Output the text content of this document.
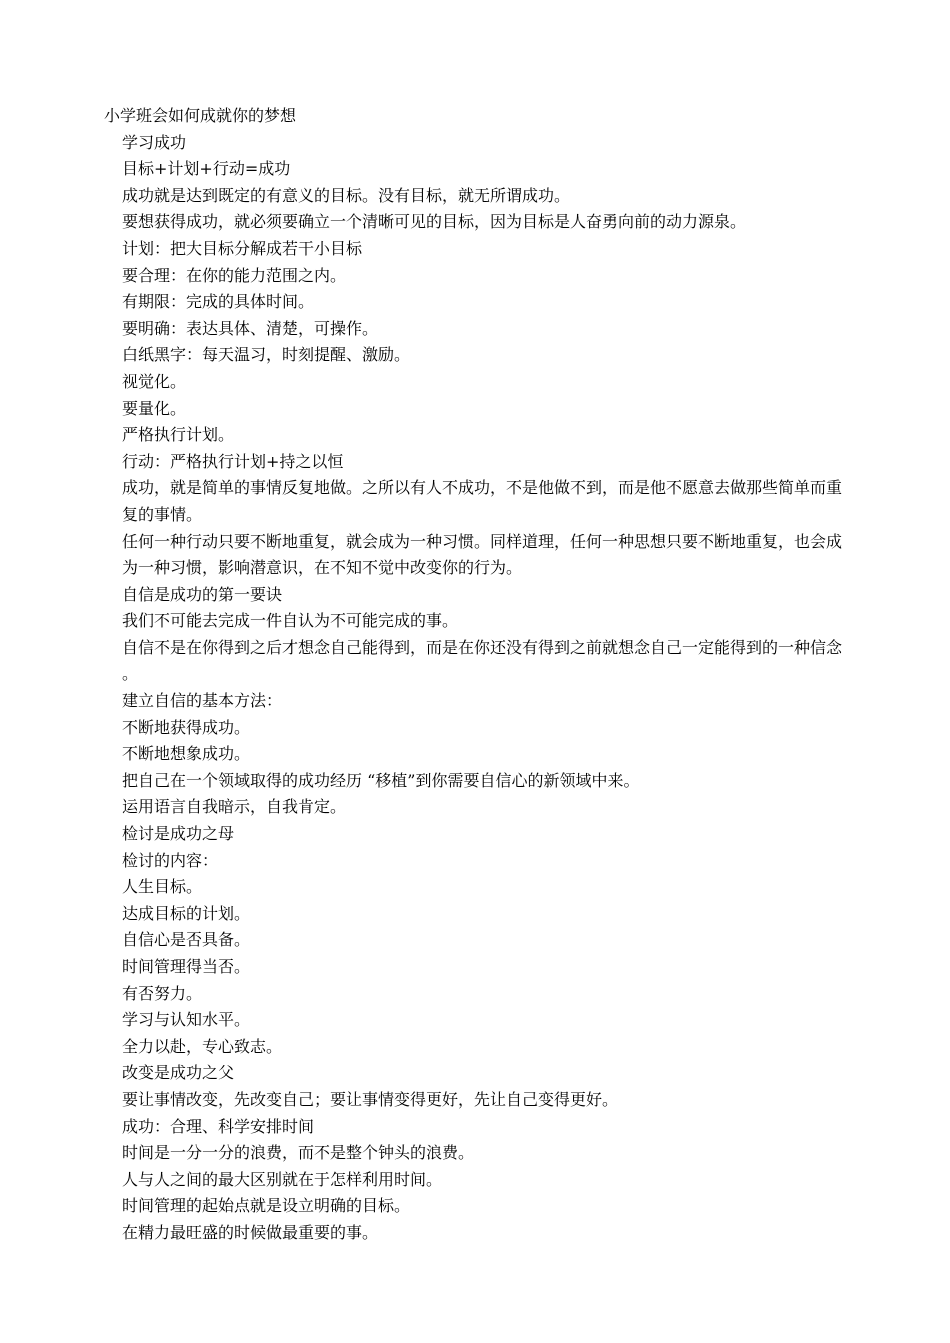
小学班会如何成就你的梦想

学习成功

目标+计划+行动=成功

成功就是达到既定的有意义的目标。没有目标，就无所谓成功。

要想获得成功，就必须要确立一个清晰可见的目标，因为目标是人奋勇向前的动力源泉。

计划：把大目标分解成若干小目标

要合理：在你的能力范围之内。

有期限：完成的具体时间。

要明确：表达具体、清楚，可操作。

白纸黑字：每天温习，时刻提醒、激励。

视觉化。

要量化。

严格执行计划。

行动：严格执行计划+持之以恒

成功，就是简单的事情反复地做。之所以有人不成功，不是他做不到，而是他不愿意去做那些简单而重复的事情。

任何一种行动只要不断地重复，就会成为一种习惯。同样道理，任何一种思想只要不断地重复，也会成为一种习惯，影响潜意识，在不知不觉中改变你的行为。

自信是成功的第一要诀

我们不可能去完成一件自认为不可能完成的事。

自信不是在你得到之后才想念自己能得到，而是在你还没有得到之前就想念自己一定能得到的一种信念。

建立自信的基本方法：

不断地获得成功。

不断地想象成功。

把自己在一个领域取得的成功经历 “移植”到你需要自信心的新领域中来。

运用语言自我暗示，自我肯定。

检讨是成功之母

检讨的内容：

人生目标。

达成目标的计划。

自信心是否具备。

时间管理得当否。

有否努力。

学习与认知水平。

全力以赴，专心致志。

改变是成功之父

要让事情改变，先改变自己；要让事情变得更好，先让自己变得更好。

成功：合理、科学安排时间

时间是一分一分的浪费，而不是整个钟头的浪费。

人与人之间的最大区别就在于怎样利用时间。

时间管理的起始点就是设立明确的目标。

在精力最旺盛的时候做最重要的事。
